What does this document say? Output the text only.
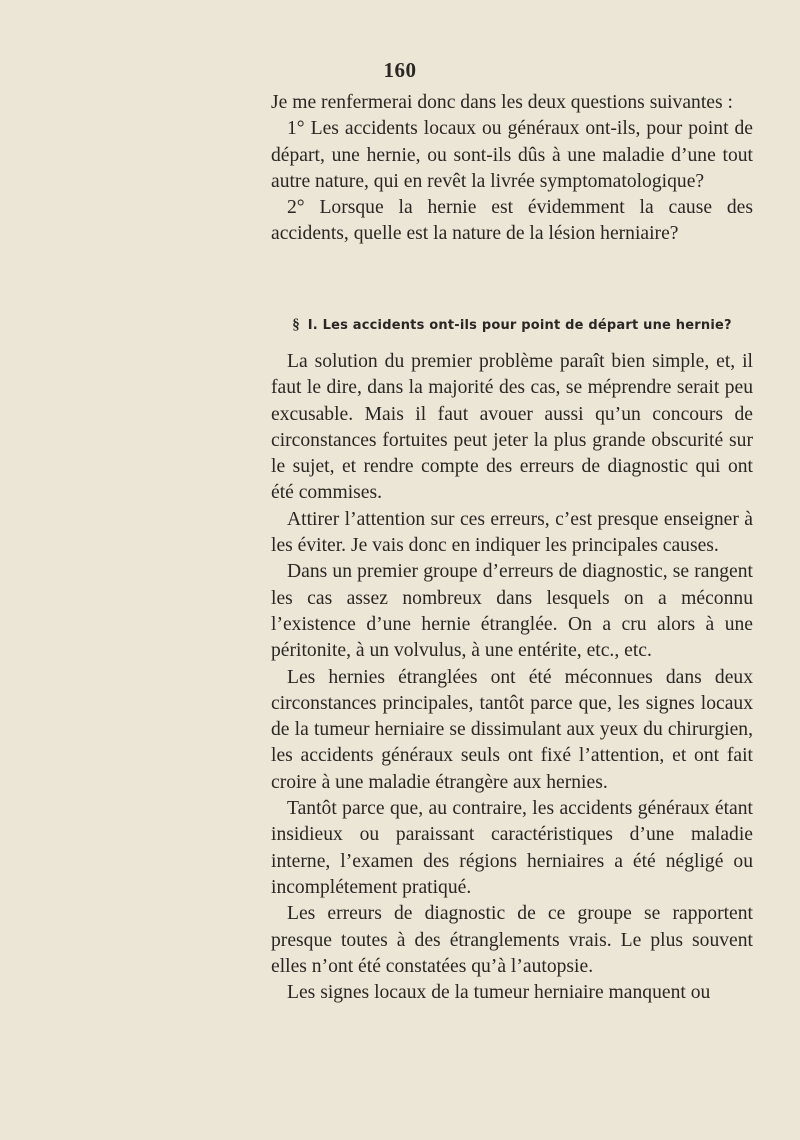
160

Je me renfermerai donc dans les deux questions suivantes :

1° Les accidents locaux ou généraux ont-ils, pour point de départ, une hernie, ou sont-ils dûs à une maladie d’une tout autre nature, qui en revêt la livrée symptomatologique?

2° Lorsque la hernie est évidemment la cause des accidents, quelle est la nature de la lésion herniaire?

§ I. Les accidents ont-ils pour point de départ une hernie?

La solution du premier problème paraît bien simple, et, il faut le dire, dans la majorité des cas, se méprendre serait peu excusable. Mais il faut avouer aussi qu’un concours de circonstances fortuites peut jeter la plus grande obscurité sur le sujet, et rendre compte des erreurs de diagnostic qui ont été commises.

Attirer l’attention sur ces erreurs, c’est presque enseigner à les éviter. Je vais donc en indiquer les principales causes.

Dans un premier groupe d’erreurs de diagnostic, se rangent les cas assez nombreux dans lesquels on a méconnu l’existence d’une hernie étranglée. On a cru alors à une péritonite, à un volvulus, à une entérite, etc., etc.

Les hernies étranglées ont été méconnues dans deux circonstances principales, tantôt parce que, les signes locaux de la tumeur herniaire se dissimulant aux yeux du chirurgien, les accidents généraux seuls ont fixé l’attention, et ont fait croire à une maladie étrangère aux hernies.

Tantôt parce que, au contraire, les accidents généraux étant insidieux ou paraissant caractéristiques d’une maladie interne, l’examen des régions herniaires a été négligé ou incomplétement pratiqué.

Les erreurs de diagnostic de ce groupe se rapportent presque toutes à des étranglements vrais. Le plus souvent elles n’ont été constatées qu’à l’autopsie.

Les signes locaux de la tumeur herniaire manquent ou
